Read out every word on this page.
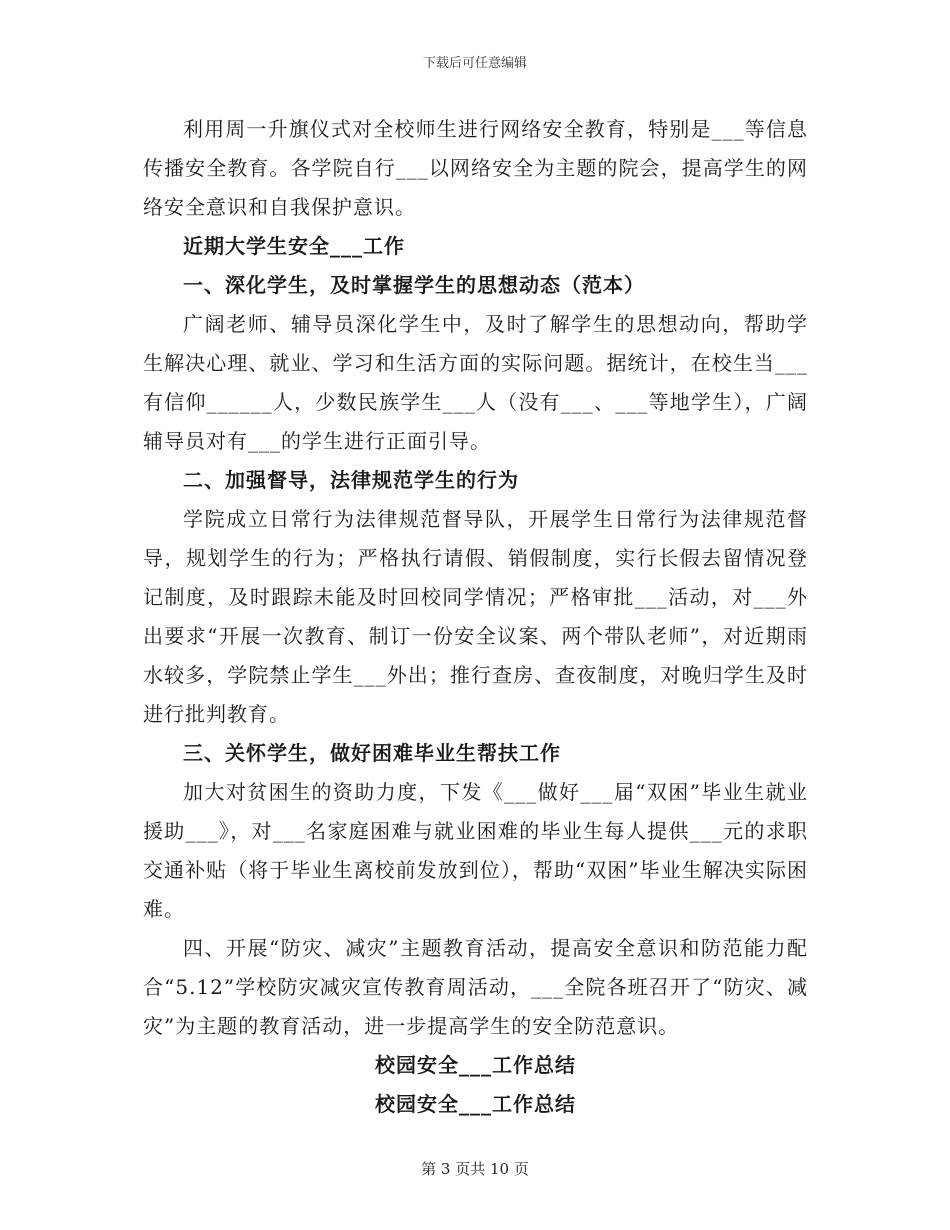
下载后可任意编辑

利用周一升旗仪式对全校师生进行网络安全教育，特别是___等信息传播安全教育。各学院自行___以网络安全为主题的院会，提高学生的网络安全意识和自我保护意识。

近期大学生安全___工作

一、深化学生，及时掌握学生的思想动态（范本）

广阔老师、辅导员深化学生中，及时了解学生的思想动向，帮助学生解决心理、就业、学习和生活方面的实际问题。据统计，在校生当___有信仰______人，少数民族学生___人（没有___、___等地学生），广阔辅导员对有___的学生进行正面引导。

二、加强督导，法律规范学生的行为

学院成立日常行为法律规范督导队，开展学生日常行为法律规范督导，规划学生的行为；严格执行请假、销假制度，实行长假去留情况登记制度，及时跟踪未能及时回校同学情况；严格审批___活动，对___外出要求“开展一次教育、制订一份安全议案、两个带队老师”，对近期雨水较多，学院禁止学生___外出；推行查房、查夜制度，对晚归学生及时进行批判教育。

三、关怀学生，做好困难毕业生帮扶工作

加大对贫困生的资助力度，下发《___做好___届“双困”毕业生就业援助___》，对___名家庭困难与就业困难的毕业生每人提供___元的求职交通补贴（将于毕业生离校前发放到位），帮助“双困”毕业生解决实际困难。

四、开展“防灾、减灾”主题教育活动，提高安全意识和防范能力配合“5.12”学校防灾减灾宣传教育周活动，___全院各班召开了“防灾、减灾”为主题的教育活动，进一步提高学生的安全防范意识。

校园安全___工作总结

校园安全___工作总结

第 3 页共 10 页
